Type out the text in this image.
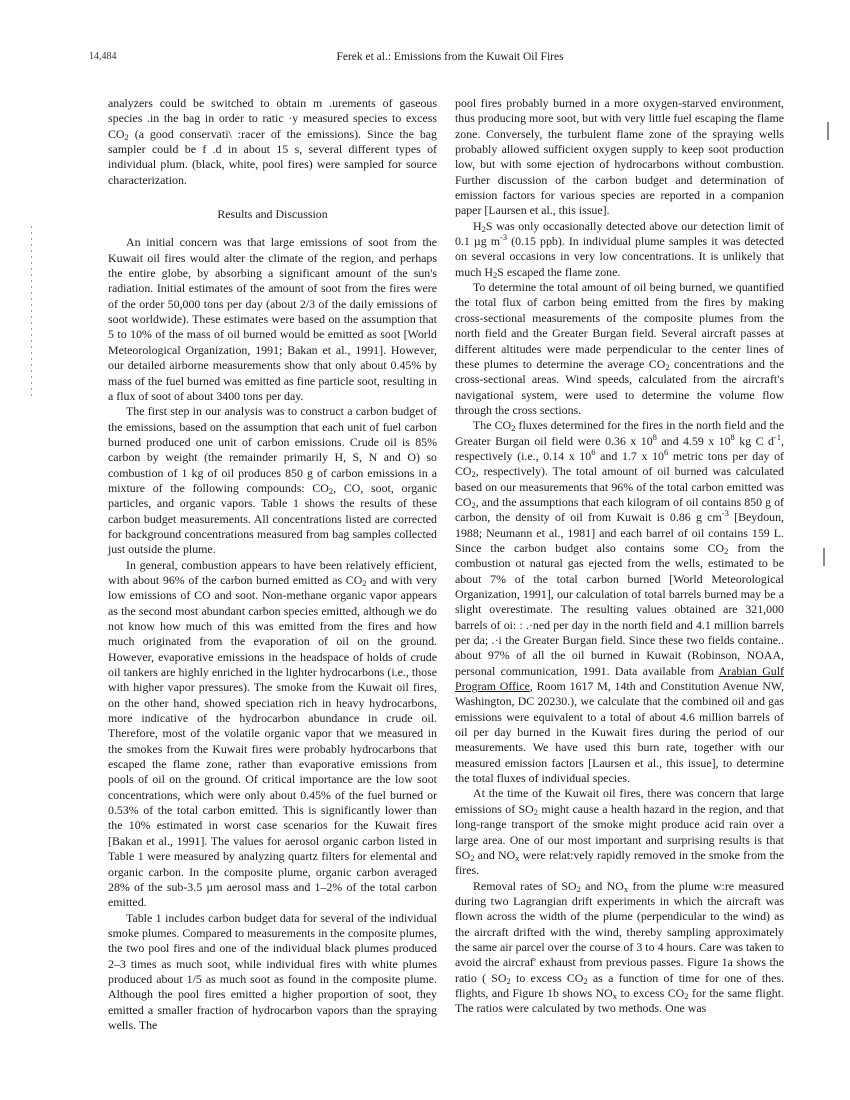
14,484	Ferek et al.: Emissions from the Kuwait Oil Fires

analyzers could be switched to obtain m .urements of gaseous species .in the bag in order to ratic ·y measured species to excess $CO_2$ (a good conservati\ :racer of the emissions). Since the bag sampler could be f .d in about 15 s, several different types of individual plum. (black, white, pool fires) were sampled for source characterization.

Results and Discussion

An initial concern was that large emissions of soot from the Kuwait oil fires would alter the climate of the region, and perhaps the entire globe, by absorbing a significant amount of the sun's radiation. Initial estimates of the amount of soot from the fires were of the order 50,000 tons per day (about 2/3 of the daily emissions of soot worldwide). These estimates were based on the assumption that 5 to 10% of the mass of oil burned would be emitted as soot [World Meteorological Organization, 1991; Bakan et al., 1991]. However, our detailed airborne measurements show that only about 0.45% by mass of the fuel burned was emitted as fine particle soot, resulting in a flux of soot of about 3400 tons per day.

The first step in our analysis was to construct a carbon budget of the emissions, based on the assumption that each unit of fuel carbon burned produced one unit of carbon emissions. Crude oil is 85% carbon by weight (the remainder primarily H, S, N and O) so combustion of 1 kg of oil produces 850 g of carbon emissions in a mixture of the following compounds: $CO_2$, CO, soot, organic particles, and organic vapors. Table 1 shows the results of these carbon budget measurements. All concentrations listed are corrected for background concentrations measured from bag samples collected just outside the plume.

In general, combustion appears to have been relatively efficient, with about 96% of the carbon burned emitted as $CO_2$ and with very low emissions of CO and soot. Non-methane organic vapor appears as the second most abundant carbon species emitted, although we do not know how much of this was emitted from the fires and how much originated from the evaporation of oil on the ground. However, evaporative emissions in the headspace of holds of crude oil tankers are highly enriched in the lighter hydrocarbons (i.e., those with higher vapor pressures). The smoke from the Kuwait oil fires, on the other hand, showed speciation rich in heavy hydrocarbons, more indicative of the hydrocarbon abundance in crude oil. Therefore, most of the volatile organic vapor that we measured in the smokes from the Kuwait fires were probably hydrocarbons that escaped the flame zone, rather than evaporative emissions from pools of oil on the ground. Of critical importance are the low soot concentrations, which were only about 0.45% of the fuel burned or 0.53% of the total carbon emitted. This is significantly lower than the 10% estimated in worst case scenarios for the Kuwait fires [Bakan et al., 1991]. The values for aerosol organic carbon listed in Table 1 were measured by analyzing quartz filters for elemental and organic carbon. In the composite plume, organic carbon averaged 28% of the sub-3.5 µm aerosol mass and 1–2% of the total carbon emitted.

Table 1 includes carbon budget data for several of the individual smoke plumes. Compared to measurements in the composite plumes, the two pool fires and one of the individual black plumes produced 2–3 times as much soot, while individual fires with white plumes produced about 1/5 as much soot as found in the composite plume. Although the pool fires emitted a higher proportion of soot, they emitted a smaller fraction of hydrocarbon vapors than the spraying wells. The

pool fires probably burned in a more oxygen-starved environment, thus producing more soot, but with very little fuel escaping the flame zone. Conversely, the turbulent flame zone of the spraying wells probably allowed sufficient oxygen supply to keep soot production low, but with some ejection of hydrocarbons without combustion. Further discussion of the carbon budget and determination of emission factors for various species are reported in a companion paper [Laursen et al., this issue].

$H_2S$ was only occasionally detected above our detection limit of 0.1 µg $m^{-3}$ (0.15 ppb). In individual plume samples it was detected on several occasions in very low concentrations. It is unlikely that much $H_2S$ escaped the flame zone.

To determine the total amount of oil being burned, we quantified the total flux of carbon being emitted from the fires by making cross-sectional measurements of the composite plumes from the north field and the Greater Burgan field. Several aircraft passes at different altitudes were made perpendicular to the center lines of these plumes to determine the average $CO_2$ concentrations and the cross-sectional areas. Wind speeds, calculated from the aircraft's navigational system, were used to determine the volume flow through the cross sections.

The $CO_2$ fluxes determined for the fires in the north field and the Greater Burgan oil field were 0.36 x $10^8$ and 4.59 x $10^8$ kg C $d^{-1}$, respectively (i.e., 0.14 x $10^6$ and 1.7 x $10^6$ metric tons per day of $CO_2$, respectively). The total amount of oil burned was calculated based on our measurements that 96% of the total carbon emitted was $CO_2$, and the assumptions that each kilogram of oil contains 850 g of carbon, the density of oil from Kuwait is 0.86 g $cm^{-3}$ [Beydoun, 1988; Neumann et al., 1981] and each barrel of oil contains 159 L. Since the carbon budget also contains some $CO_2$ from the combustion ot natural gas ejected from the wells, estimated to be about 7% of the total carbon burned [World Meteorological Organization, 1991], our calculation of total barrels burned may be a slight overestimate. The resulting values obtained are 321,000 barrels of oi: : .·ned per day in the north field and 4.1 million barrels per da; .·i the Greater Burgan field. Since these two fields containe.. about 97% of all the oil burned in Kuwait (Robinson, NOAA, personal communication, 1991. Data available from Arabian Gulf Program Office, Room 1617 M, 14th and Constitution Avenue NW, Washington, DC 20230.), we calculate that the combined oil and gas emissions were equivalent to a total of about 4.6 million barrels of oil per day burned in the Kuwait fires during the period of our measurements. We have used this burn rate, together with our measured emission factors [Laursen et al., this issue], to determine the total fluxes of individual species.

At the time of the Kuwait oil fires, there was concern that large emissions of $SO_2$ might cause a health hazard in the region, and that long-range transport of the smoke might produce acid rain over a large area. One of our most important and surprising results is that $SO_2$ and $NO_x$ were relat:vely rapidly removed in the smoke from the fires.

Removal rates of $SO_2$ and $NO_x$ from the plume w:re measured during two Lagrangian drift experiments in which the aircraft was flown across the width of the plume (perpendicular to the wind) as the aircraft drifted with the wind, thereby sampling approximately the same air parcel over the course of 3 to 4 hours. Care was taken to avoid the aircraf' exhaust from previous passes. Figure 1a shows the ratio ( $SO_2$ to excess $CO_2$ as a function of time for one of thes. flights, and Figure 1b shows $NO_x$ to excess $CO_2$ for the same flight. The ratios were calculated by two methods. One was
